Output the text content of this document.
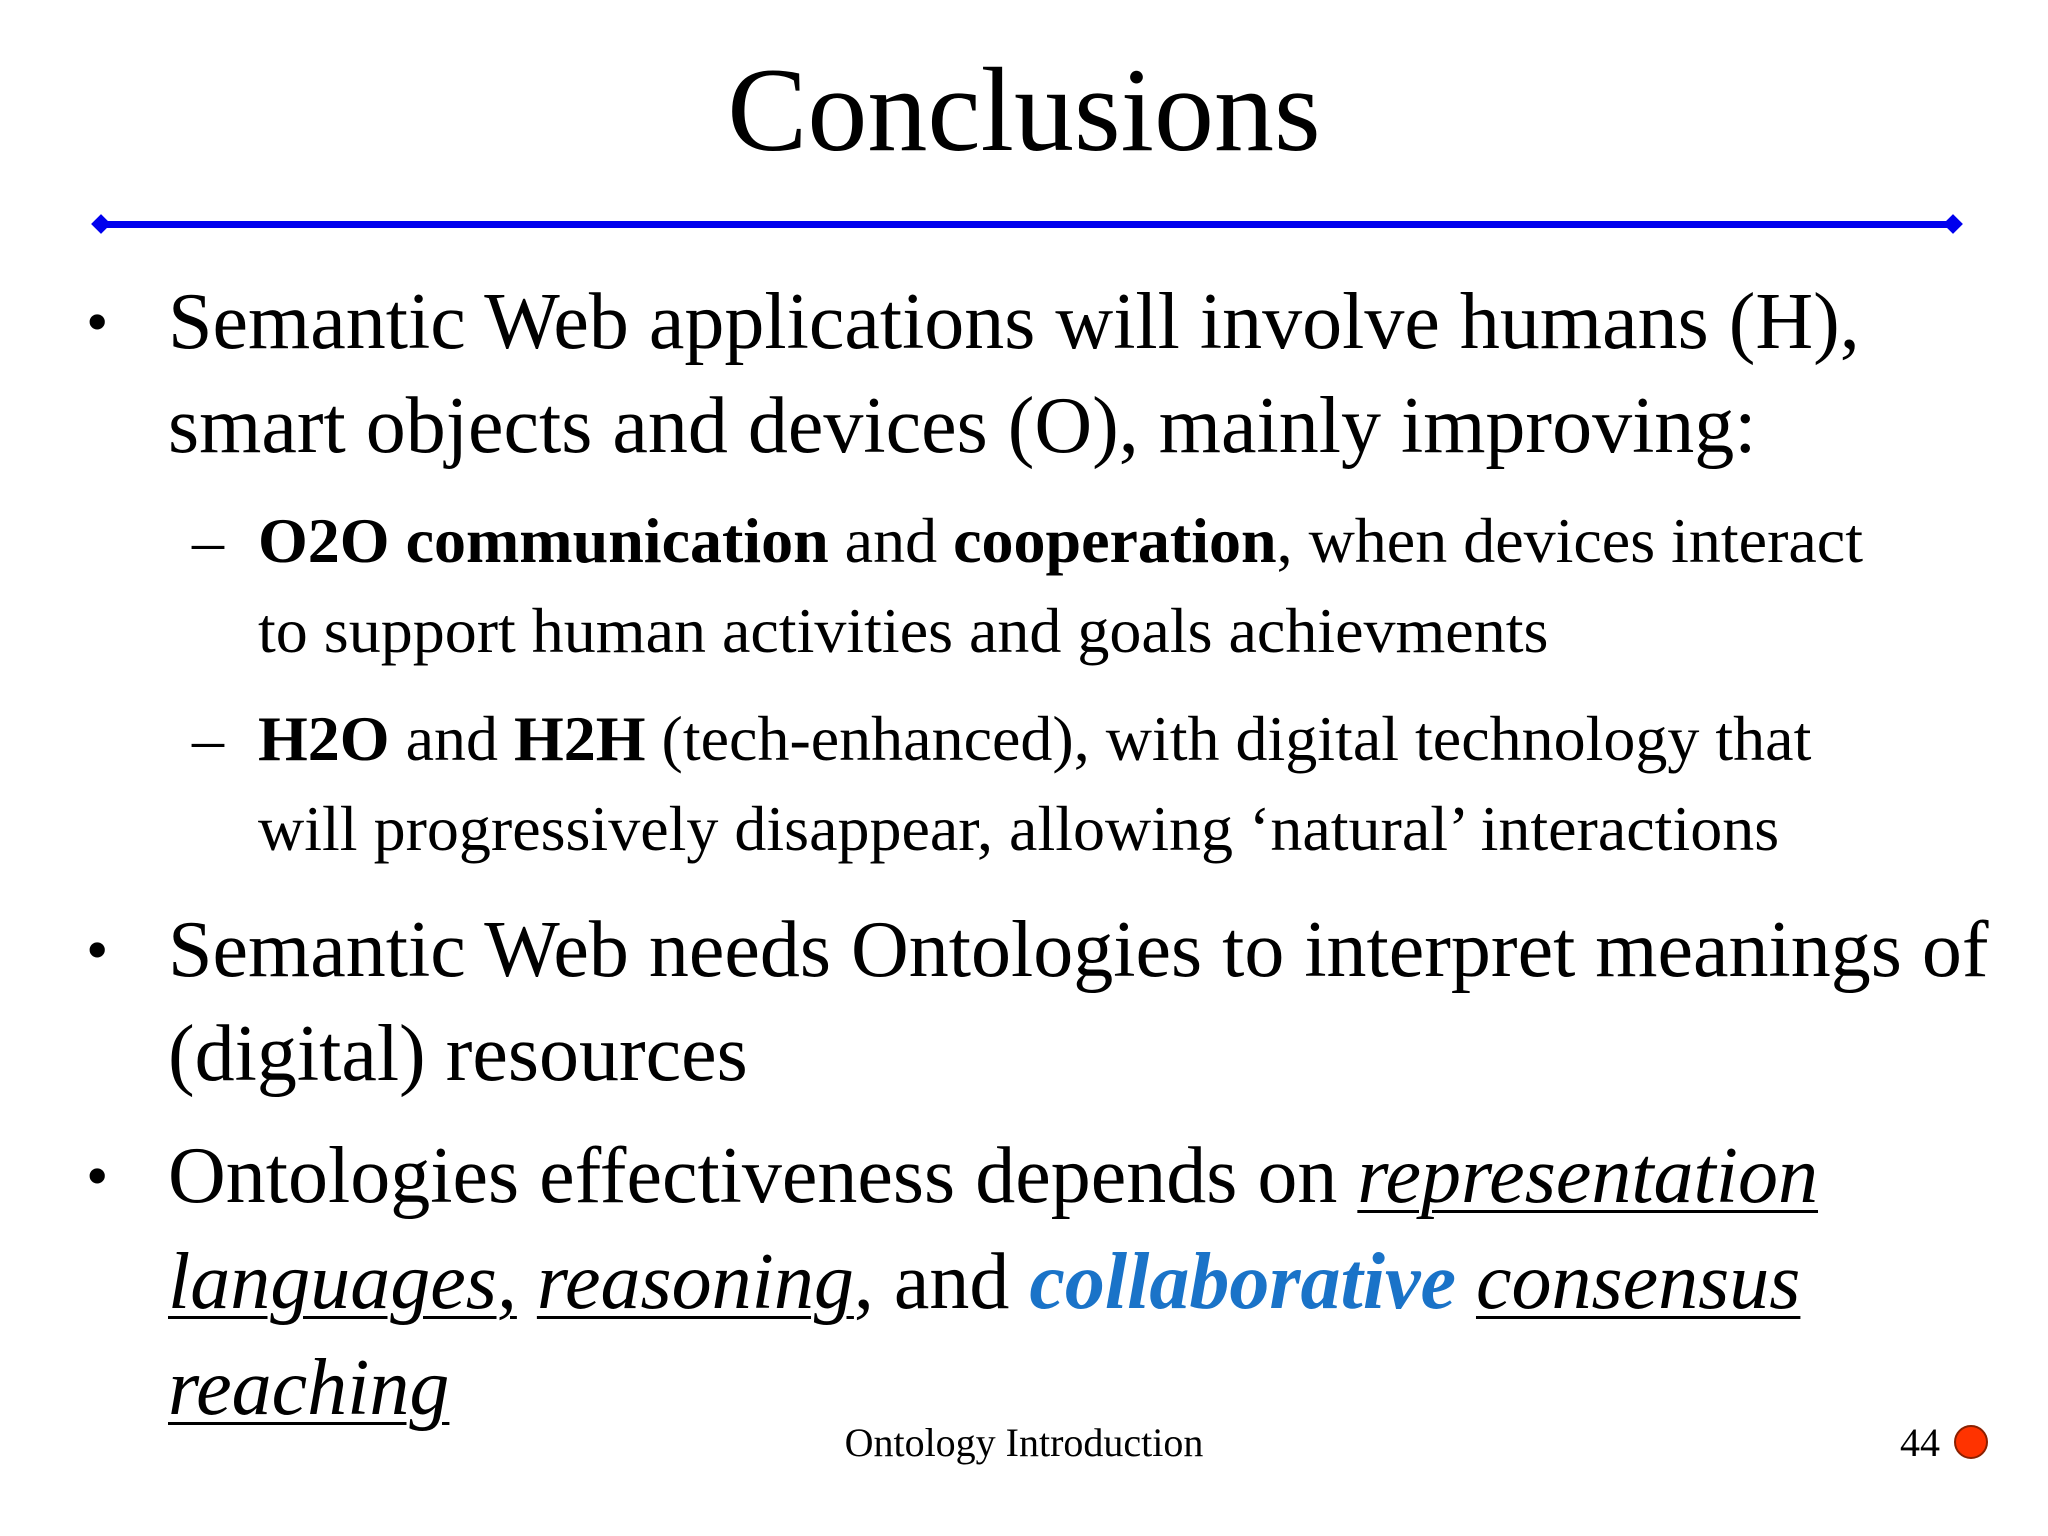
Conclusions
• Semantic Web applications will involve humans (H),
smart objects and devices (O), mainly improving:
– O2O communication and cooperation, when devices interact
to support human activities and goals achievments
– H2O and H2H (tech-enhanced), with digital technology that
will progressively disappear, allowing ‘natural’ interactions
• Semantic Web needs Ontologies to interpret meanings of
(digital) resources
• Ontologies effectiveness depends on representation
languages, reasoning, and collaborative consensus
reaching
Ontology Introduction	44
